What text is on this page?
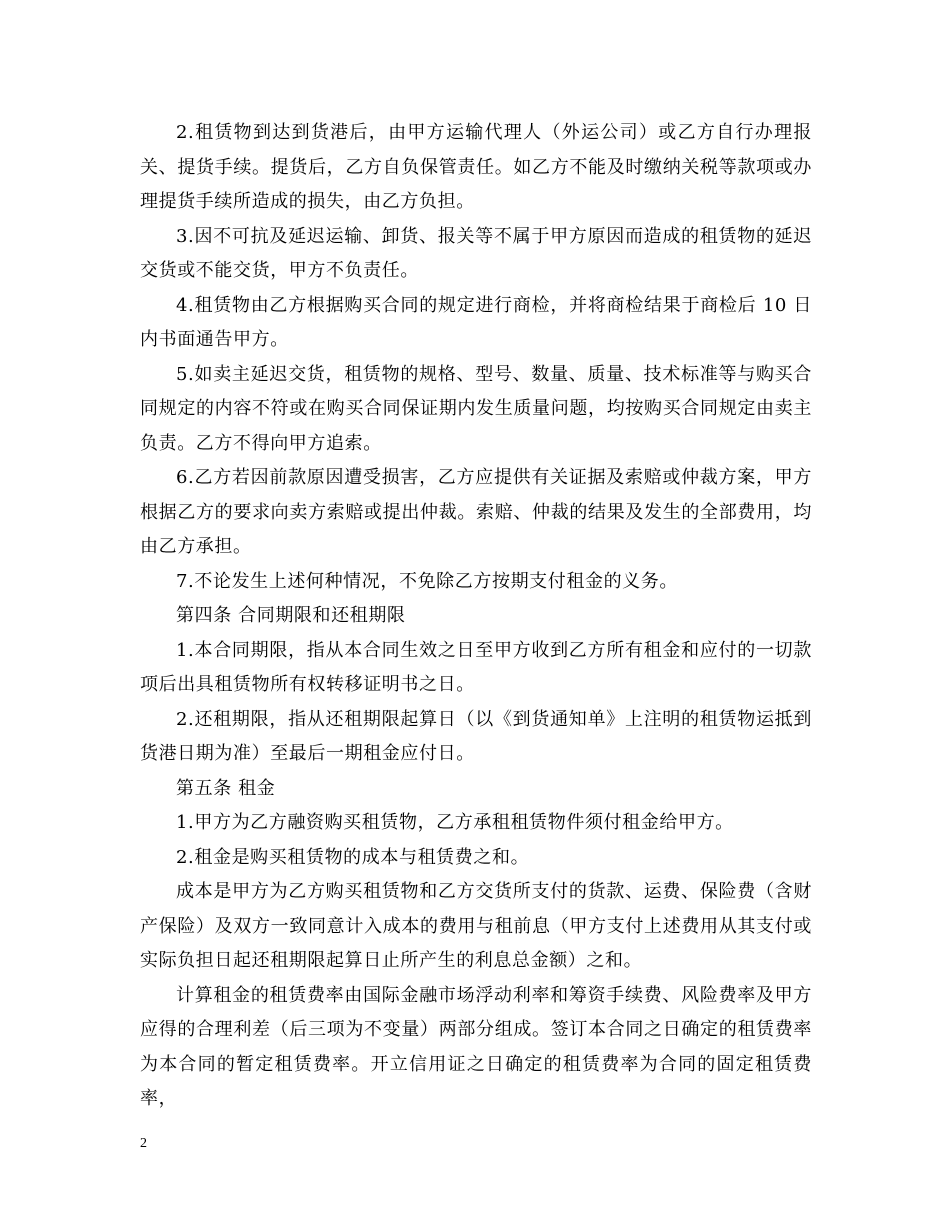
2.租赁物到达到货港后，由甲方运输代理人（外运公司）或乙方自行办理报关、提货手续。提货后，乙方自负保管责任。如乙方不能及时缴纳关税等款项或办理提货手续所造成的损失，由乙方负担。

3.因不可抗及延迟运输、卸货、报关等不属于甲方原因而造成的租赁物的延迟交货或不能交货，甲方不负责任。

4.租赁物由乙方根据购买合同的规定进行商检，并将商检结果于商检后 10 日内书面通告甲方。

5.如卖主延迟交货，租赁物的规格、型号、数量、质量、技术标准等与购买合同规定的内容不符或在购买合同保证期内发生质量问题，均按购买合同规定由卖主负责。乙方不得向甲方追索。

6.乙方若因前款原因遭受损害，乙方应提供有关证据及索赔或仲裁方案，甲方根据乙方的要求向卖方索赔或提出仲裁。索赔、仲裁的结果及发生的全部费用，均由乙方承担。

7.不论发生上述何种情况，不免除乙方按期支付租金的义务。

第四条 合同期限和还租期限

1.本合同期限，指从本合同生效之日至甲方收到乙方所有租金和应付的一切款项后出具租赁物所有权转移证明书之日。

2.还租期限，指从还租期限起算日（以《到货通知单》上注明的租赁物运抵到货港日期为准）至最后一期租金应付日。

第五条 租金

1.甲方为乙方融资购买租赁物，乙方承租租赁物件须付租金给甲方。

2.租金是购买租赁物的成本与租赁费之和。

成本是甲方为乙方购买租赁物和乙方交货所支付的货款、运费、保险费（含财产保险）及双方一致同意计入成本的费用与租前息（甲方支付上述费用从其支付或实际负担日起还租期限起算日止所产生的利息总金额）之和。

计算租金的租赁费率由国际金融市场浮动利率和筹资手续费、风险费率及甲方应得的合理利差（后三项为不变量）两部分组成。签订本合同之日确定的租赁费率为本合同的暂定租赁费率。开立信用证之日确定的租赁费率为合同的固定租赁费率，

2
